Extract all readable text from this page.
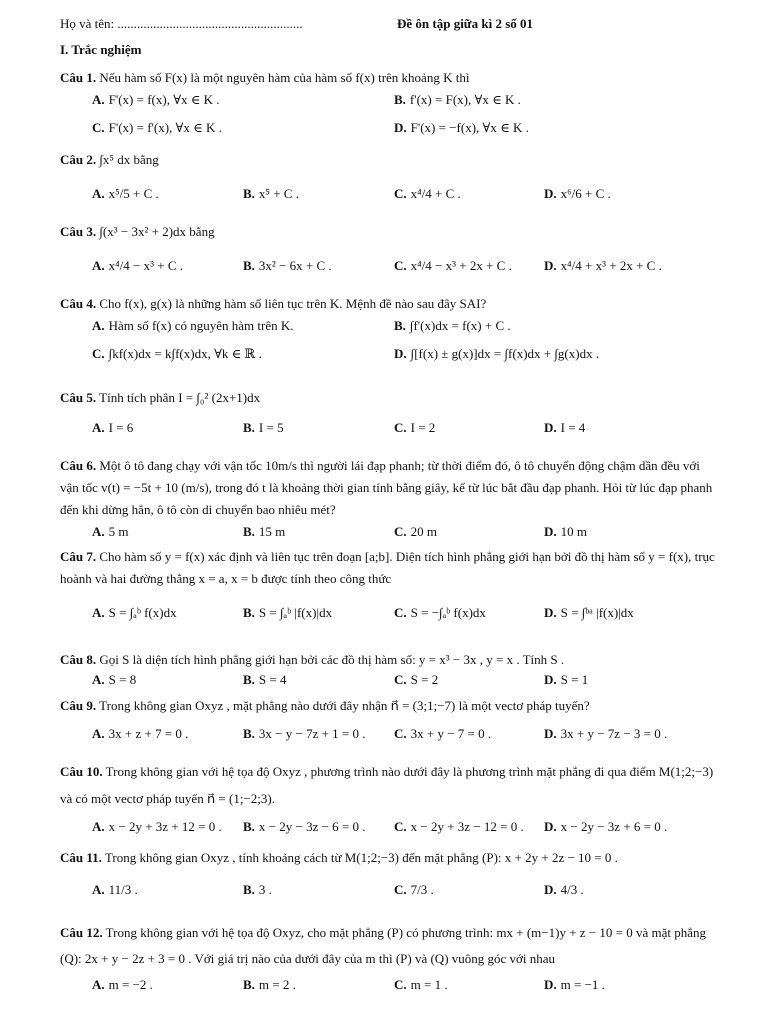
Họ và tên: .........................................................	Đề ôn tập giữa kì 2 số 01
I. Trắc nghiệm

Câu 1. Nếu hàm số F(x) là một nguyên hàm của hàm số f(x) trên khoảng K thì

A. F'(x) = f(x), ∀x ∈ K .	B. f'(x) = F(x), ∀x ∈ K .
C. F'(x) = f'(x), ∀x ∈ K .	D. F'(x) = −f(x), ∀x ∈ K .

Câu 2. ∫x⁵ dx bằng

A. x⁵/5 + C .	B. x⁵ + C .	C. x⁴/4 + C .	D. x⁶/6 + C .

Câu 3. ∫(x³ − 3x² + 2)dx bằng

A. x⁴/4 − x³ + C .	B. 3x² − 6x + C .	C. x⁴/4 − x³ + 2x + C . D. x⁴/4 + x³ + 2x + C .

Câu 4. Cho f(x), g(x) là những hàm số liên tục trên K. Mệnh đề nào sau đây SAI?

A. Hàm số f(x) có nguyên hàm trên K.	B. ∫f'(x)dx = f(x) + C .
C. ∫kf(x)dx = k∫f(x)dx, ∀k ∈ ℝ .	D. ∫[f(x) ± g(x)]dx = ∫f(x)dx + ∫g(x)dx .

Câu 5. Tính tích phân I = ∫₀² (2x+1)dx

A. I = 6	B. I = 5	C. I = 2	D. I = 4

Câu 6. Một ô tô đang chạy với vận tốc 10m/s thì người lái đạp phanh; từ thời điểm đó, ô tô chuyển động chậm dần đều với vận tốc v(t) = −5t + 10 (m/s), trong đó t là khoảng thời gian tính bằng giây, kể từ lúc bắt đầu đạp phanh. Hỏi từ lúc đạp phanh đến khi dừng hẳn, ô tô còn di chuyển bao nhiêu mét?

A. 5 m	B. 15 m	C. 20 m	D. 10 m

Câu 7. Cho hàm số y = f(x) xác định và liên tục trên đoạn [a;b]. Diện tích hình phẳng giới hạn bởi đồ thị hàm số y = f(x), trục hoành và hai đường thẳng x = a, x = b được tính theo công thức

A. S = ∫ₐᵇ f(x)dx	B. S = ∫ₐᵇ |f(x)|dx	C. S = −∫ₐᵇ f(x)dx	D. S = ∫ᵇᵃ |f(x)|dx

Câu 8. Gọi S là diện tích hình phẳng giới hạn bởi các đồ thị hàm số: y = x³ − 3x , y = x . Tính S .

A. S = 8	B. S = 4	C. S = 2	D. S = 1

Câu 9. Trong không gian Oxyz , mặt phẳng nào dưới đây nhận n⃗ = (3;1;−7) là một vectơ pháp tuyến?

A. 3x + z + 7 = 0 .	B. 3x − y − 7z + 1 = 0 . C. 3x + y − 7 = 0 .	D. 3x + y − 7z − 3 = 0 .

Câu 10. Trong không gian với hệ tọa độ Oxyz , phương trình nào dưới đây là phương trình mặt phẳng đi qua điểm M(1;2;−3) và có một vectơ pháp tuyến n⃗ = (1;−2;3).

A. x − 2y + 3z + 12 = 0 . B. x − 2y − 3z − 6 = 0 . C. x − 2y + 3z − 12 = 0 . D. x − 2y − 3z + 6 = 0 .

Câu 11. Trong không gian Oxyz , tính khoảng cách từ M(1;2;−3) đến mặt phẳng (P): x + 2y + 2z − 10 = 0 .

A. 11/3 .	B. 3 .	C. 7/3 .	D. 4/3 .

Câu 12. Trong không gian với hệ tọa độ Oxyz, cho mặt phẳng (P) có phương trình: mx + (m−1)y + z − 10 = 0 và mặt phẳng (Q): 2x + y − 2z + 3 = 0 . Với giá trị nào của dưới đây của m thì (P) và (Q) vuông góc với nhau

A. m = −2 .	B. m = 2 .	C. m = 1 .	D. m = −1 .
